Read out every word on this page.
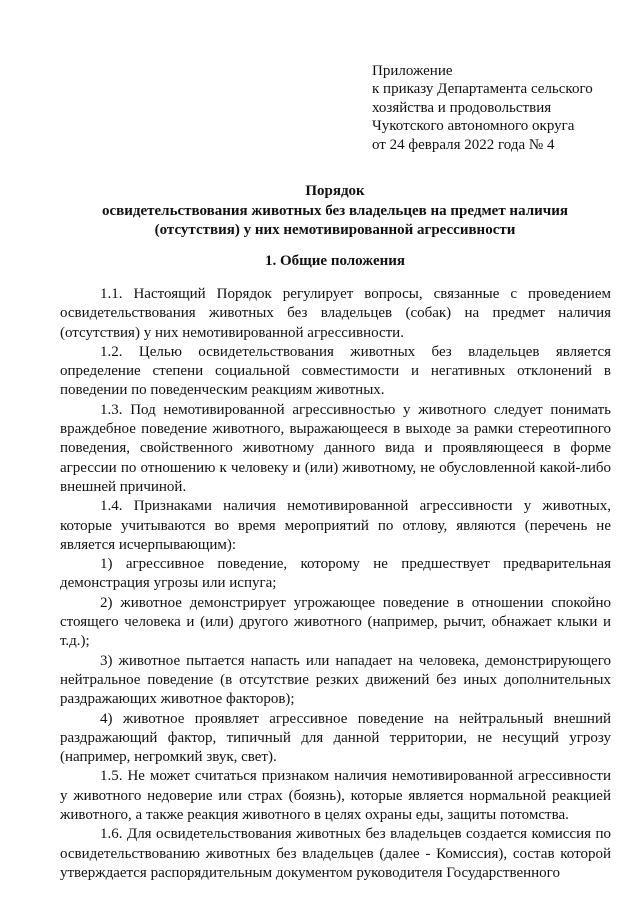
Приложение
к приказу Департамента сельского
хозяйства и продовольствия
Чукотского автономного округа
от 24 февраля 2022 года № 4
Порядок
освидетельствования животных без владельцев на предмет наличия
(отсутствия) у них немотивированной агрессивности
1. Общие положения

1.1. Настоящий Порядок регулирует вопросы, связанные с проведением освидетельствования животных без владельцев (собак) на предмет наличия (отсутствия) у них немотивированной агрессивности.

1.2. Целью освидетельствования животных без владельцев является определение степени социальной совместимости и негативных отклонений в поведении по поведенческим реакциям животных.

1.3. Под немотивированной агрессивностью у животного следует понимать враждебное поведение животного, выражающееся в выходе за рамки стереотипного поведения, свойственного животному данного вида и проявляющееся в форме агрессии по отношению к человеку и (или) животному, не обусловленной какой-либо внешней причиной.

1.4. Признаками наличия немотивированной агрессивности у животных, которые учитываются во время мероприятий по отлову, являются (перечень не является исчерпывающим):

1) агрессивное поведение, которому не предшествует предварительная демонстрация угрозы или испуга;

2) животное демонстрирует угрожающее поведение в отношении спокойно стоящего человека и (или) другого животного (например, рычит, обнажает клыки и т.д.);

3) животное пытается напасть или нападает на человека, демонстрирующего нейтральное поведение (в отсутствие резких движений без иных дополнительных раздражающих животное факторов);

4) животное проявляет агрессивное поведение на нейтральный внешний раздражающий фактор, типичный для данной территории, не несущий угрозу (например, негромкий звук, свет).

1.5. Не может считаться признаком наличия немотивированной агрессивности у животного недоверие или страх (боязнь), которые является нормальной реакцией животного, а также реакция животного в целях охраны еды, защиты потомства.

1.6. Для освидетельствования животных без владельцев создается комиссия по освидетельствованию животных без владельцев (далее - Комиссия), состав которой утверждается распорядительным документом руководителя Государственного
